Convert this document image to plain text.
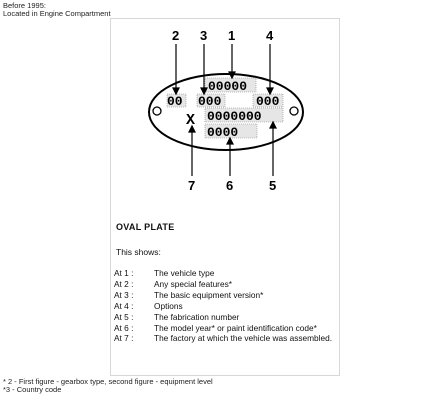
Before 1995:
Located in Engine Compartment
00 000
00000
000
X 0000000
0000
2 3 1 4
7 6	5
OVAL PLATE
This shows:
At 1 :	The vehicle type
At 2 :	Any special features*
At 3 :	The basic equipment version*
At 4 :	Options
At 5 :	The fabrication number
At 6 :	The model year* or paint identification code*
At 7 :	The factory at which the vehicle was assembled.
* 2 - First figure - gearbox type, second figure - equipment level
*3 - Country code
